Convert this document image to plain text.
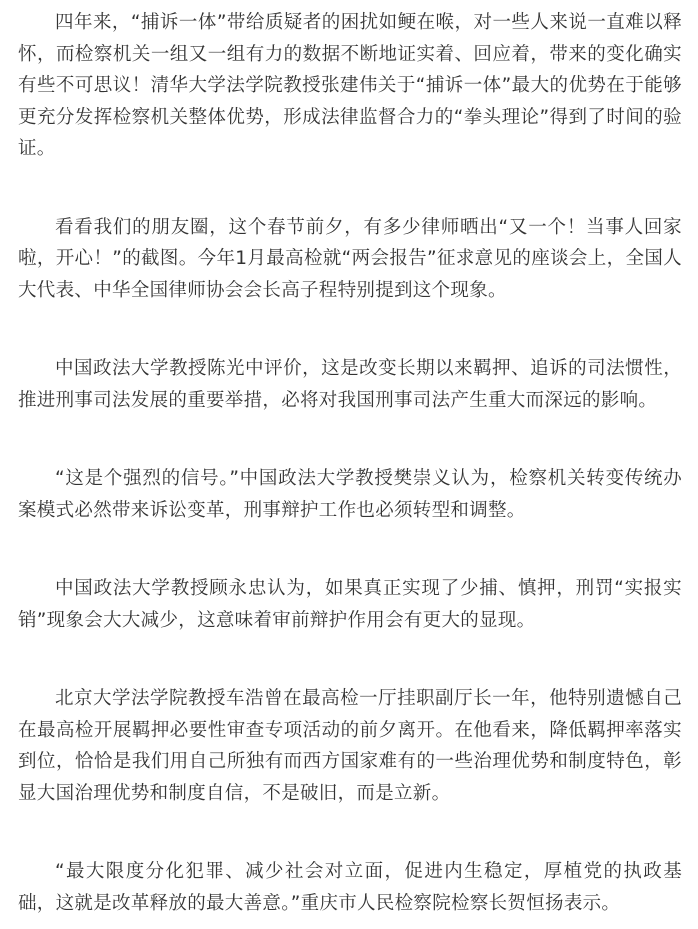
四年来，“捕诉一体”带给质疑者的困扰如鲠在喉，对一些人来说一直难以释怀，而检察机关一组又一组有力的数据不断地证实着、回应着，带来的变化确实有些不可思议！清华大学法学院教授张建伟关于“捕诉一体”最大的优势在于能够更充分发挥检察机关整体优势，形成法律监督合力的“拳头理论”得到了时间的验证。

看看我们的朋友圈，这个春节前夕，有多少律师晒出“又一个！当事人回家啦，开心！”的截图。今年1月最高检就“两会报告”征求意见的座谈会上，全国人大代表、中华全国律师协会会长高子程特别提到这个现象。

中国政法大学教授陈光中评价，这是改变长期以来羁押、追诉的司法惯性，推进刑事司法发展的重要举措，必将对我国刑事司法产生重大而深远的影响。

“这是个强烈的信号。”中国政法大学教授樊崇义认为，检察机关转变传统办案模式必然带来诉讼变革，刑事辩护工作也必须转型和调整。

中国政法大学教授顾永忠认为，如果真正实现了少捕、慎押，刑罚“实报实销”现象会大大减少，这意味着审前辩护作用会有更大的显现。

北京大学法学院教授车浩曾在最高检一厅挂职副厅长一年，他特别遗憾自己在最高检开展羁押必要性审查专项活动的前夕离开。在他看来，降低羁押率落实到位，恰恰是我们用自己所独有而西方国家难有的一些治理优势和制度特色，彰显大国治理优势和制度自信，不是破旧，而是立新。

“最大限度分化犯罪、减少社会对立面，促进内生稳定，厚植党的执政基础，这就是改革释放的最大善意。”重庆市人民检察院检察长贺恒扬表示。
